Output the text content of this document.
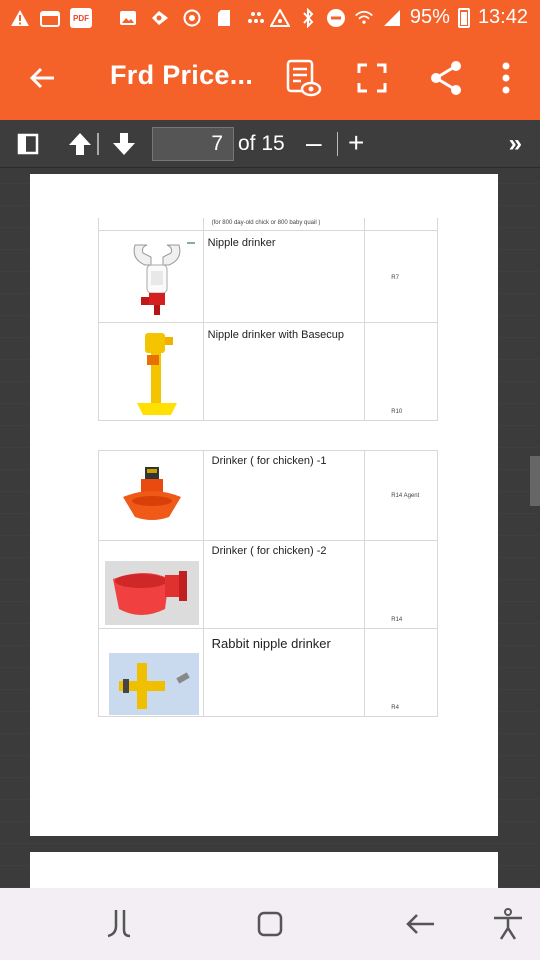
PDF	95% 13:42
Frd Price...
7 of 15 – +	»

	(for 800 day-old chick or 800 baby quail )	

Nipple drinker	R7

Nipple drinker with Basecup	R10

Drinker ( for chicken) -1	R14 Agent

Drinker ( for chicken) -2	R14

Rabbit nipple drinker	R4
